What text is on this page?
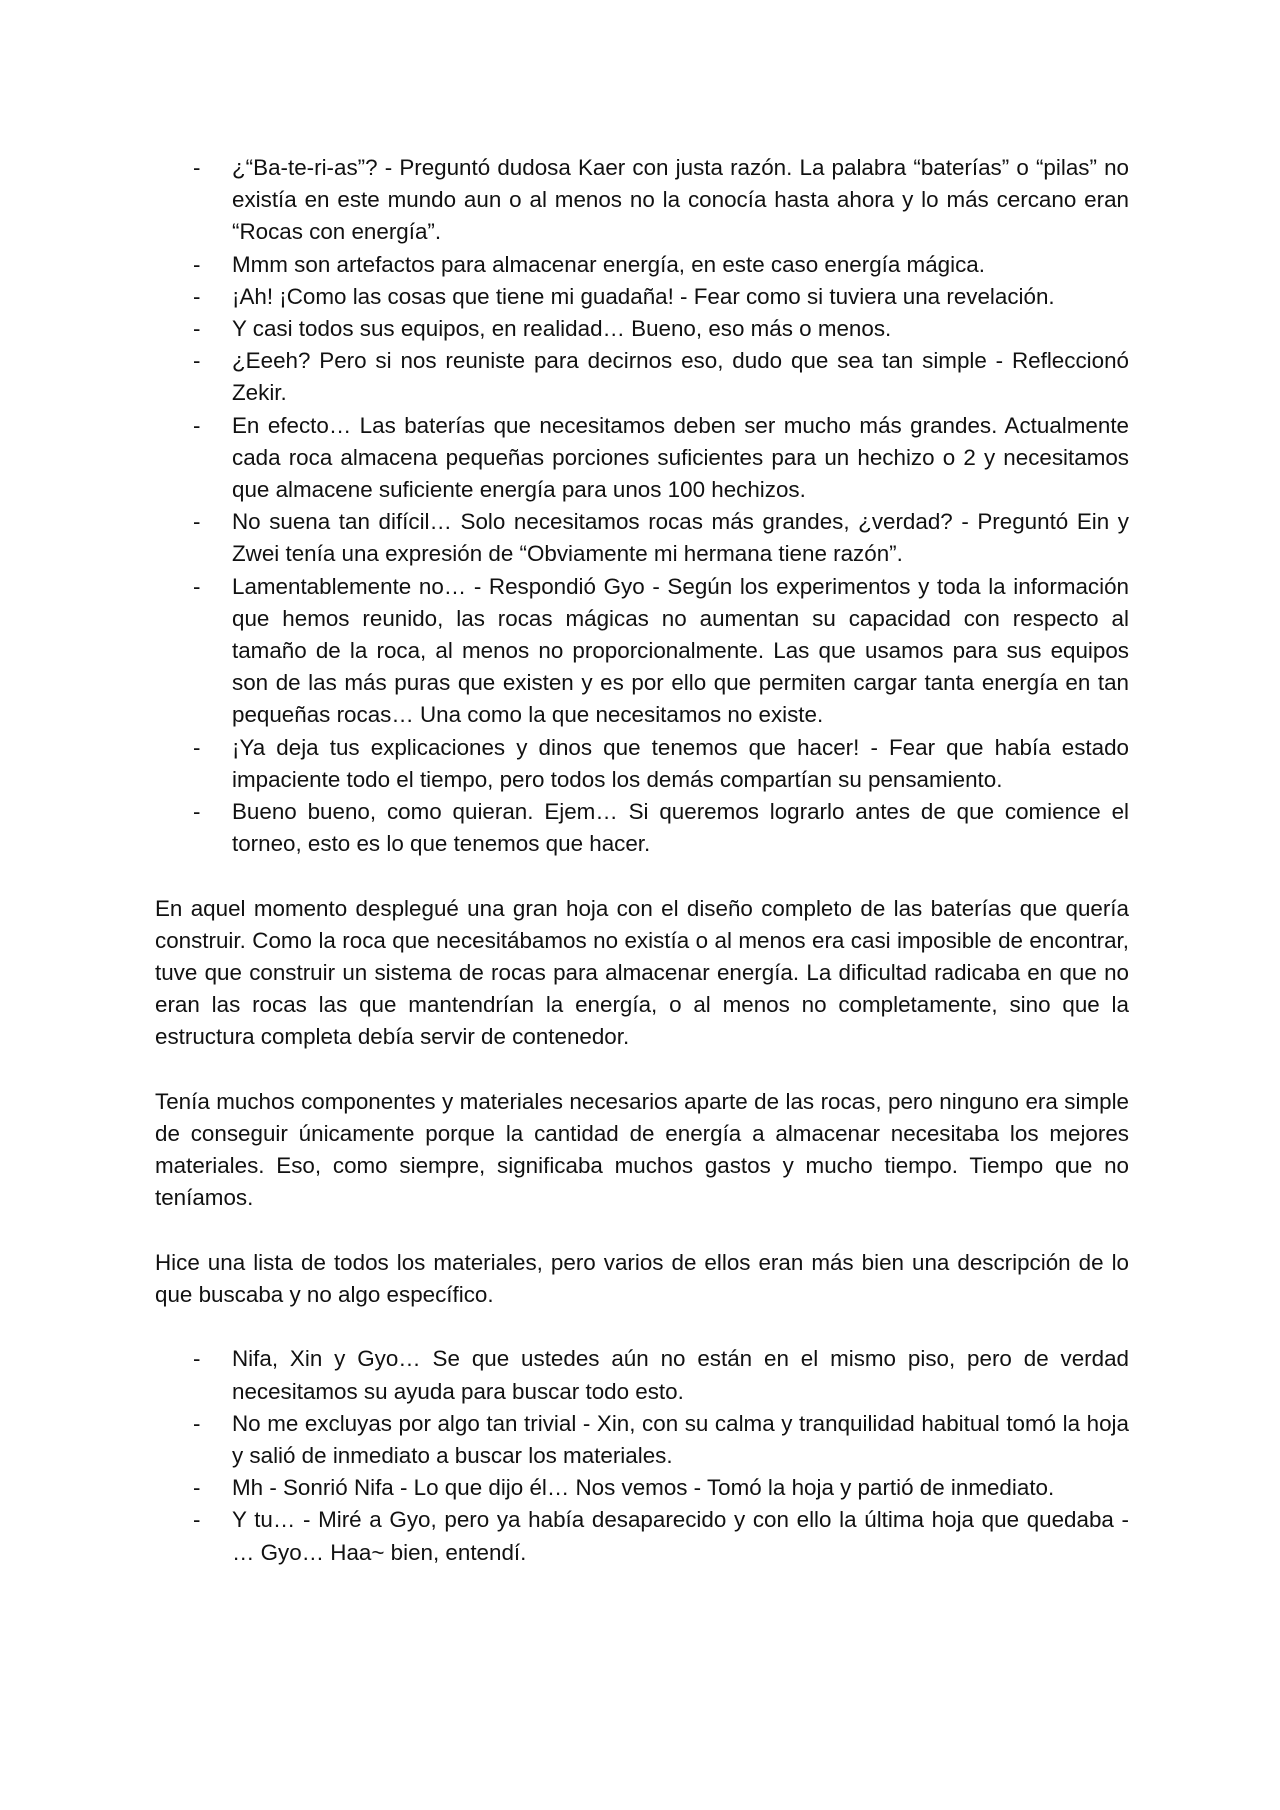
- ¿“Ba-te-ri-as”? - Preguntó dudosa Kaer con justa razón. La palabra “baterías” o “pilas” no existía en este mundo aun o al menos no la conocía hasta ahora y lo más cercano eran “Rocas con energía”.
- Mmm son artefactos para almacenar energía, en este caso energía mágica.
- ¡Ah! ¡Como las cosas que tiene mi guadaña! - Fear como si tuviera una revelación.
- Y casi todos sus equipos, en realidad… Bueno, eso más o menos.
- ¿Eeeh? Pero si nos reuniste para decirnos eso, dudo que sea tan simple - Refleccionó Zekir.
- En efecto… Las baterías que necesitamos deben ser mucho más grandes. Actualmente cada roca almacena pequeñas porciones suficientes para un hechizo o 2 y necesitamos que almacene suficiente energía para unos 100 hechizos.
- No suena tan difícil… Solo necesitamos rocas más grandes, ¿verdad? - Preguntó Ein y Zwei tenía una expresión de “Obviamente mi hermana tiene razón”.
- Lamentablemente no… - Respondió Gyo - Según los experimentos y toda la información que hemos reunido, las rocas mágicas no aumentan su capacidad con respecto al tamaño de la roca, al menos no proporcionalmente. Las que usamos para sus equipos son de las más puras que existen y es por ello que permiten cargar tanta energía en tan pequeñas rocas… Una como la que necesitamos no existe.
- ¡Ya deja tus explicaciones y dinos que tenemos que hacer! - Fear que había estado impaciente todo el tiempo, pero todos los demás compartían su pensamiento.
- Bueno bueno, como quieran. Ejem… Si queremos lograrlo antes de que comience el torneo, esto es lo que tenemos que hacer.

En aquel momento desplegué una gran hoja con el diseño completo de las baterías que quería construir. Como la roca que necesitábamos no existía o al menos era casi imposible de encontrar, tuve que construir un sistema de rocas para almacenar energía. La dificultad radicaba en que no eran las rocas las que mantendrían la energía, o al menos no completamente, sino que la estructura completa debía servir de contenedor.

Tenía muchos componentes y materiales necesarios aparte de las rocas, pero ninguno era simple de conseguir únicamente porque la cantidad de energía a almacenar necesitaba los mejores materiales. Eso, como siempre, significaba muchos gastos y mucho tiempo. Tiempo que no teníamos.

Hice una lista de todos los materiales, pero varios de ellos eran más bien una descripción de lo que buscaba y no algo específico.

- Nifa, Xin y Gyo… Se que ustedes aún no están en el mismo piso, pero de verdad necesitamos su ayuda para buscar todo esto.
- No me excluyas por algo tan trivial - Xin, con su calma y tranquilidad habitual tomó la hoja y salió de inmediato a buscar los materiales.
- Mh - Sonrió Nifa - Lo que dijo él… Nos vemos - Tomó la hoja y partió de inmediato.
- Y tu… - Miré a Gyo, pero ya había desaparecido y con ello la última hoja que quedaba - … Gyo… Haa~ bien, entendí.
